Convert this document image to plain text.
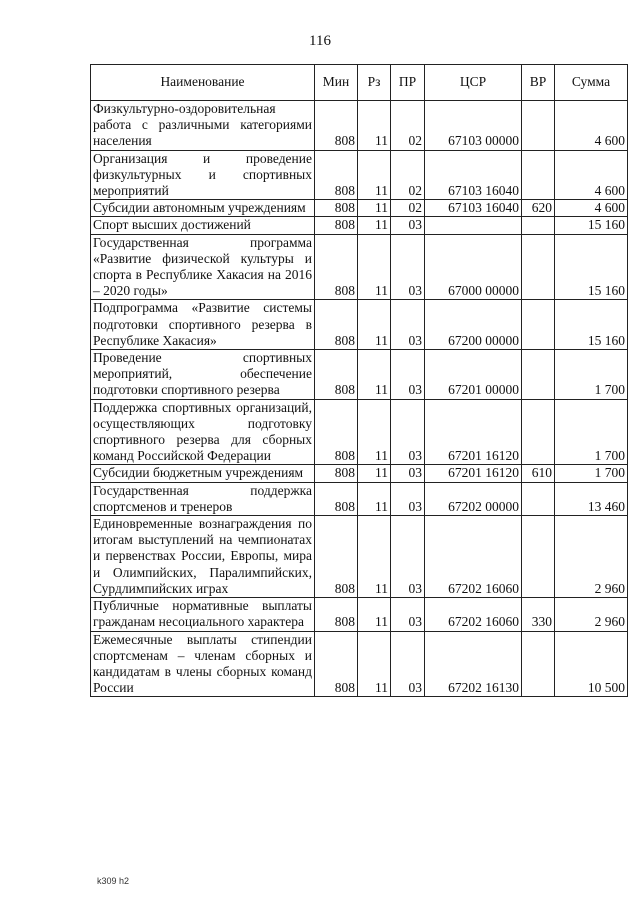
116
Наименование	Мин	Рз	ПР	ЦСР	ВР	Сумма
Физкультурно-оздоровительная работа с различными категориями населения	808	11	02	67103 00000		4 600
Организация и проведение физкультурных и спортивных мероприятий	808	11	02	67103 16040		4 600
Субсидии автономным учреждениям	808	11	02	67103 16040	620	4 600
Спорт высших достижений	808	11	03			15 160
Государственная программа «Развитие физической культуры и спорта в Республике Хакасия на 2016 – 2020 годы»	808	11	03	67000 00000		15 160
Подпрограмма «Развитие системы подготовки спортивного резерва в Республике Хакасия»	808	11	03	67200 00000		15 160
Проведение спортивных мероприятий, обеспечение подготовки спортивного резерва	808	11	03	67201 00000		1 700
Поддержка спортивных организаций, осуществляющих подготовку спортивного резерва для сборных команд Российской Федерации	808	11	03	67201 16120		1 700
Субсидии бюджетным учреждениям	808	11	03	67201 16120	610	1 700
Государственная поддержка спортсменов и тренеров	808	11	03	67202 00000		13 460
Единовременные вознаграждения по итогам выступлений на чемпионатах и первенствах России, Европы, мира и Олимпийских, Паралимпийских, Сурдлимпийских играх	808	11	03	67202 16060		2 960
Публичные нормативные выплаты гражданам несоциального характера	808	11	03	67202 16060	330	2 960
Ежемесячные выплаты стипендии спортсменам – членам сборных и кандидатам в члены сборных команд России	808	11	03	67202 16130		10 500
k309 h2
